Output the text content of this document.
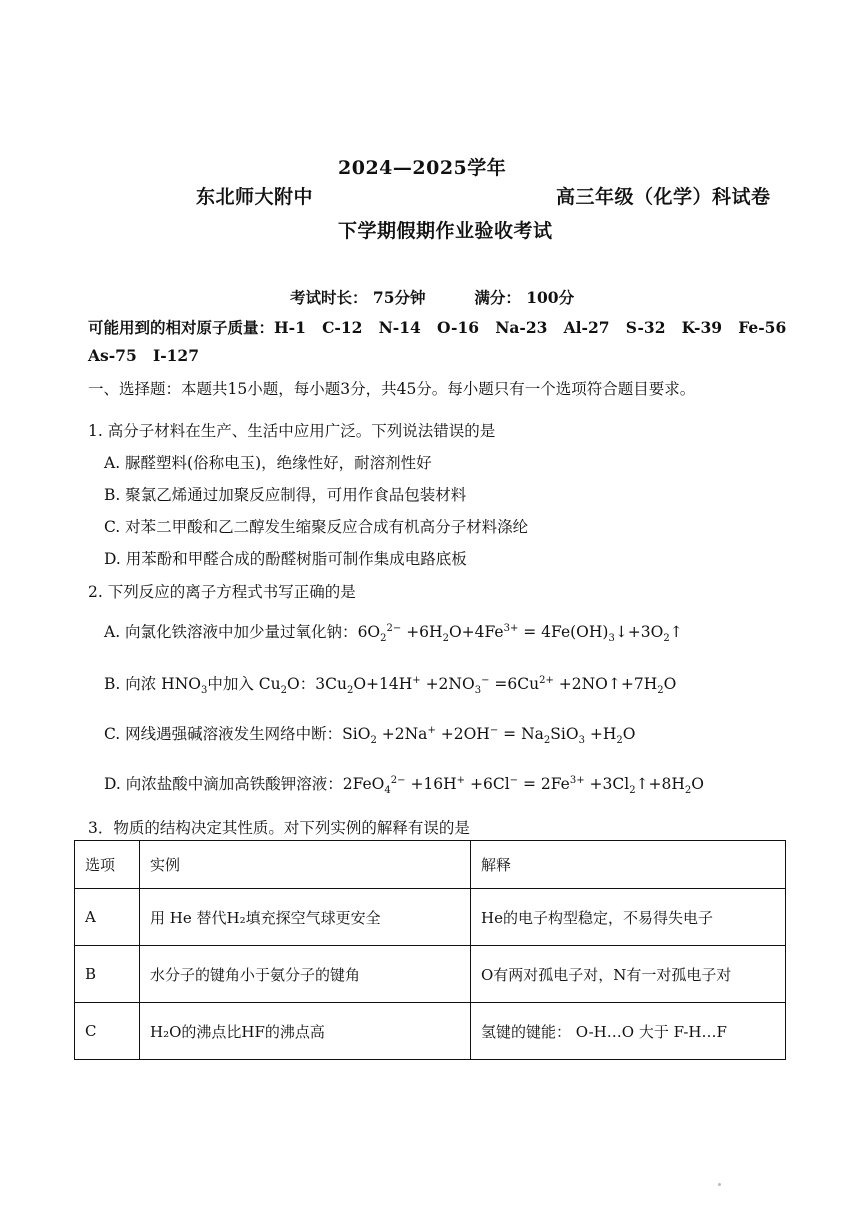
2024—2025学年
东北师大附中	高三年级（化学）科试卷
下学期假期作业验收考试
考试时长： 75分钟	满分： 100分
可能用到的相对原子质量：H-1   C-12   N-14   O-16   Na-23   Al-27   S-32   K-39   Fe-56
As-75   I-127
一、选择题：本题共15小题，每小题3分，共45分。每小题只有一个选项符合题目要求。
1. 高分子材料在生产、生活中应用广泛。下列说法错误的是
A. 脲醛塑料(俗称电玉)，绝缘性好，耐溶剂性好
B. 聚氯乙烯通过加聚反应制得，可用作食品包装材料
C. 对苯二甲酸和乙二醇发生缩聚反应合成有机高分子材料涤纶
D. 用苯酚和甲醛合成的酚醛树脂可制作集成电路底板
2. 下列反应的离子方程式书写正确的是
A. 向氯化铁溶液中加少量过氧化钠：$6O_2^{2-} +6H_2O+4Fe^{3+}$ = $4Fe(OH)_3↓+3O_2↑$
B. 向浓 $HNO_3$中加入 $Cu_2O$：$3Cu_2O+14H^+ +2NO_3^- =6Cu^{2+}$ $+2NO↑+7H_2O$
C. 网线遇强碱溶液发生网络中断：$SiO_2 +2Na^+ +2OH^- = Na_2SiO_3 +H_2O$
D. 向浓盐酸中滴加高铁酸钾溶液：$2FeO_4^{2-} +16H^+ +6Cl^- = 2Fe^{3+}$ $+3Cl_2↑+8H_2O$
3．物质的结构决定其性质。对下列实例的解释有误的是
选项	实例	解释
A	用 He 替代H₂填充探空气球更安全	He的电子构型稳定，不易得失电子
B	水分子的键角小于氨分子的键角	O有两对孤电子对，N有一对孤电子对
C	H₂O的沸点比HF的沸点高	氢键的键能： O-H…O 大于 F-H…F
